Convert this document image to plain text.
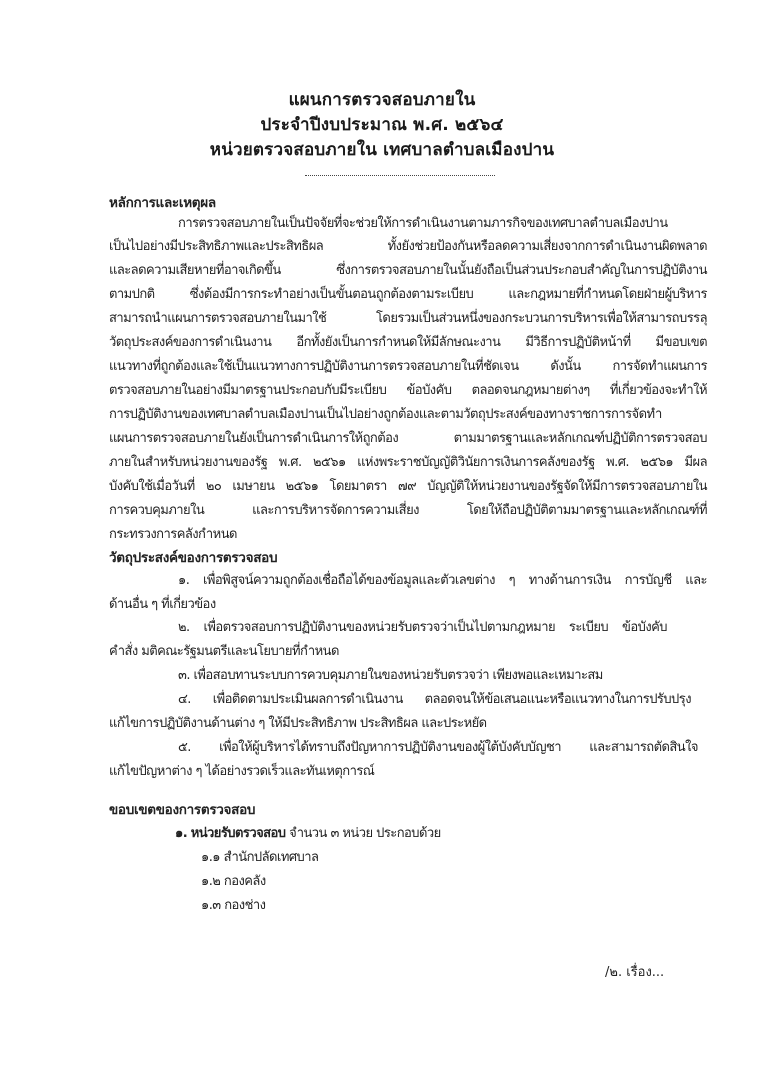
แผนการตรวจสอบภายใน
ประจำปีงบประมาณ พ.ศ. ๒๕๖๔
หน่วยตรวจสอบภายใน เทศบาลตำบลเมืองปาน
หลักการและเหตุผล
การตรวจสอบภายในเป็นปัจจัยที่จะช่วยให้การดำเนินงานตามภารกิจของเทศบาลตำบลเมืองปาน
เป็นไปอย่างมีประสิทธิภาพและประสิทธิผล ทั้งยังช่วยป้องกันหรือลดความเสี่ยงจากการดำเนินงานผิดพลาด
และลดความเสียหายที่อาจเกิดขึ้น ซึ่งการตรวจสอบภายในนั้นยังถือเป็นส่วนประกอบสำคัญในการปฏิบัติงาน
ตามปกติ ซึ่งต้องมีการกระทำอย่างเป็นขั้นตอนถูกต้องตามระเบียบ และกฎหมายที่กำหนดโดยฝ่ายผู้บริหาร
สามารถนำแผนการตรวจสอบภายในมาใช้ โดยรวมเป็นส่วนหนึ่งของกระบวนการบริหารเพื่อให้สามารถบรรลุ
วัตถุประสงค์ของการดำเนินงาน อีกทั้งยังเป็นการกำหนดให้มีลักษณะงาน มีวิธีการปฏิบัติหน้าที่ มีขอบเขต
แนวทางที่ถูกต้องและใช้เป็นแนวทางการปฏิบัติงานการตรวจสอบภายในที่ชัดเจน ดังนั้น การจัดทำแผนการ
ตรวจสอบภายในอย่างมีมาตรฐานประกอบกับมีระเบียบ ข้อบังคับ ตลอดจนกฎหมายต่างๆ ที่เกี่ยวข้องจะทำให้
การปฏิบัติงานของเทศบาลตำบลเมืองปานเป็นไปอย่างถูกต้องและตามวัตถุประสงค์ของทางราชการการจัดทำ
แผนการตรวจสอบภายในยังเป็นการดำเนินการให้ถูกต้อง ตามมาตรฐานและหลักเกณฑ์ปฏิบัติการตรวจสอบ
ภายในสำหรับหน่วยงานของรัฐ พ.ศ. ๒๕๖๑ แห่งพระราชบัญญัติวินัยการเงินการคลังของรัฐ พ.ศ. ๒๕๖๑ มีผล
บังคับใช้เมื่อวันที่ ๒๐ เมษายน ๒๕๖๑ โดยมาตรา ๗๙ บัญญัติให้หน่วยงานของรัฐจัดให้มีการตรวจสอบภายใน
การควบคุมภายใน และการบริหารจัดการความเสี่ยง โดยให้ถือปฏิบัติตามมาตรฐานและหลักเกณฑ์ที่
กระทรวงการคลังกำหนด
วัตถุประสงค์ของการตรวจสอบ
๑. เพื่อพิสูจน์ความถูกต้องเชื่อถือได้ของข้อมูลและตัวเลขต่าง ๆ ทางด้านการเงิน การบัญชี และ
ด้านอื่น ๆ ที่เกี่ยวข้อง
๒. เพื่อตรวจสอบการปฏิบัติงานของหน่วยรับตรวจว่าเป็นไปตามกฎหมาย ระเบียบ ข้อบังคับ
คำสั่ง มติคณะรัฐมนตรีและนโยบายที่กำหนด
๓. เพื่อสอบทานระบบการควบคุมภายในของหน่วยรับตรวจว่า เพียงพอและเหมาะสม
๔. เพื่อติดตามประเมินผลการดำเนินงาน ตลอดจนให้ข้อเสนอแนะหรือแนวทางในการปรับปรุง
แก้ไขการปฏิบัติงานด้านต่าง ๆ ให้มีประสิทธิภาพ ประสิทธิผล และประหยัด
๕. เพื่อให้ผู้บริหารได้ทราบถึงปัญหาการปฏิบัติงานของผู้ใต้บังคับบัญชา และสามารถตัดสินใจ
แก้ไขปัญหาต่าง ๆ ได้อย่างรวดเร็วและทันเหตุการณ์
ขอบเขตของการตรวจสอบ
๑. หน่วยรับตรวจสอบ จำนวน ๓ หน่วย ประกอบด้วย
๑.๑ สำนักปลัดเทศบาล
๑.๒ กองคลัง
๑.๓ กองช่าง
/๒. เรื่อง...
